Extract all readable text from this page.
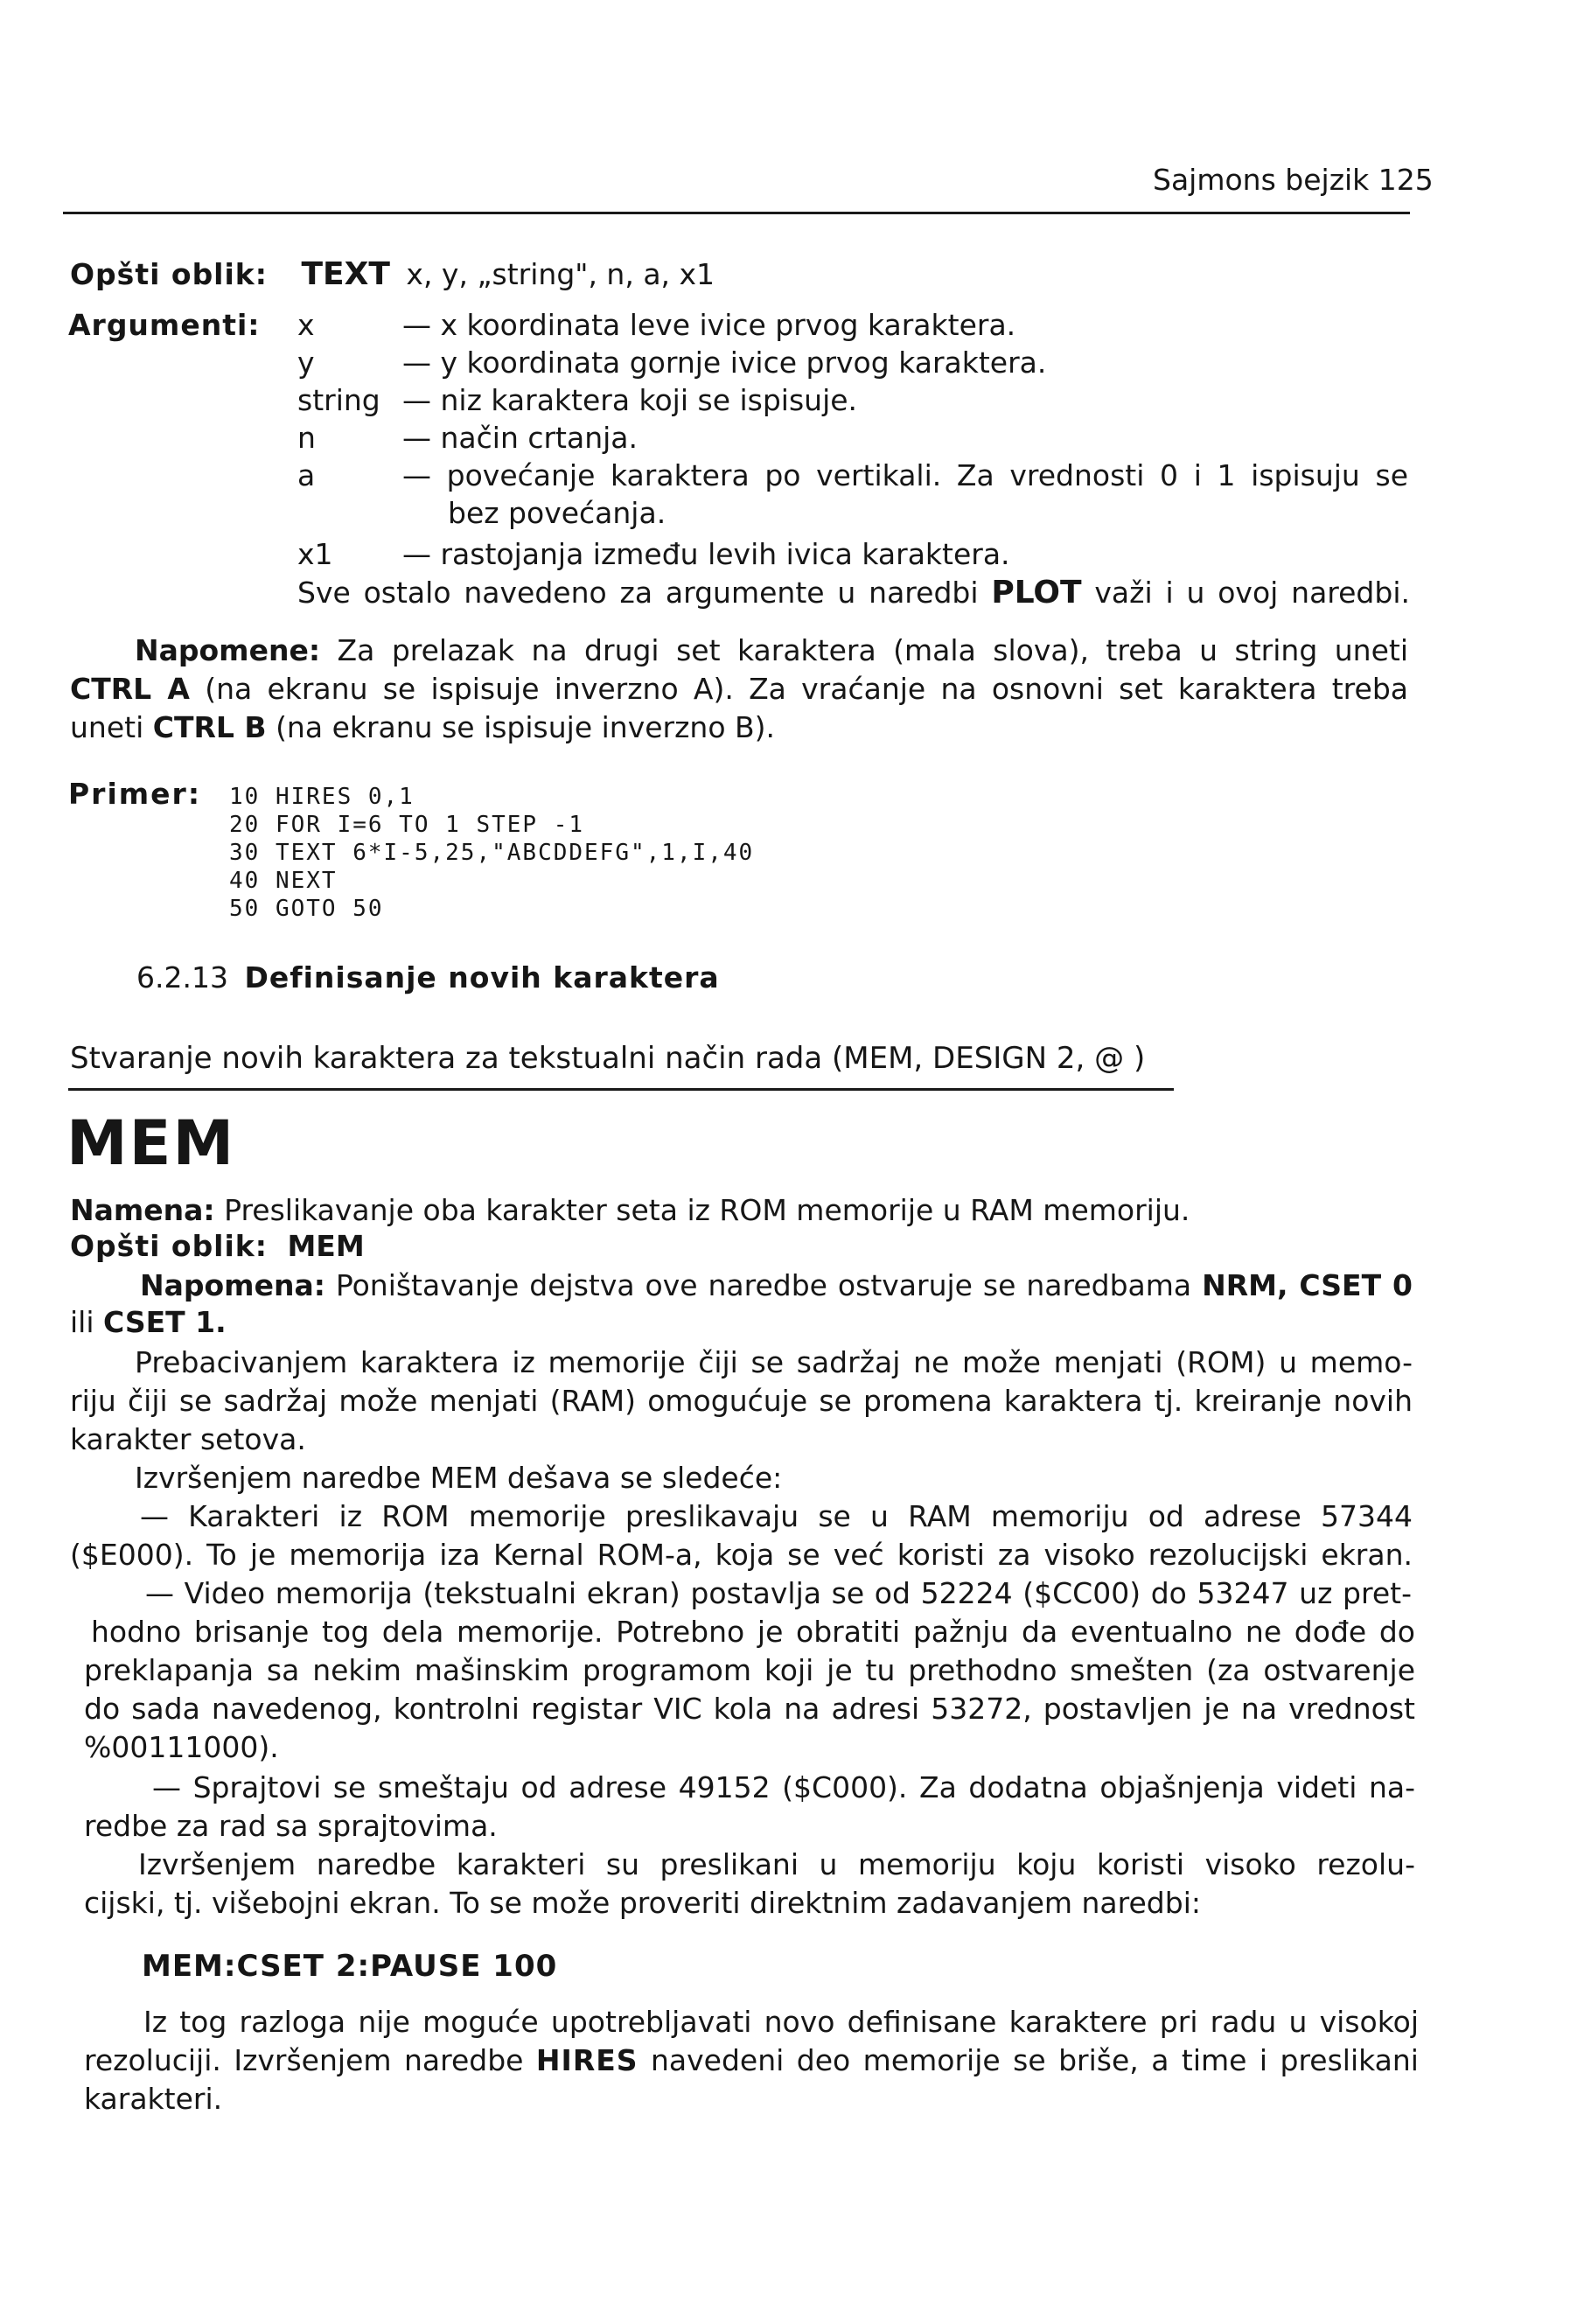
Sajmons bejzik 125
Opšti oblik: TEXT x, y, „string", n, a, x1
Argumenti: x	— x koordinata leve ivice prvog karaktera.
y	— y koordinata gornje ivice prvog karaktera.
string — niz karaktera koji se ispisuje.
n	— način crtanja.
a	— povećanje karaktera po vertikali. Za vrednosti 0 i 1 ispisuju se
bez povećanja.
x1 — rastojanja između levih ivica karaktera.
Sve ostalo navedeno za argumente u naredbi PLOT važi i u ovoj naredbi.
Napomene: Za prelazak na drugi set karaktera (mala slova), treba u string uneti
CTRL A (na ekranu se ispisuje inverzno A). Za vraćanje na osnovni set karaktera treba
uneti CTRL B (na ekranu se ispisuje inverzno B).
Primer: 10 HIRES 0,1
20 FOR I=6 TO 1 STEP -1
30 TEXT 6*I-5,25,"ABCDDEFG",1,I,40
40 NEXT
50 GOTO 50
6.2.13 Definisanje novih karaktera
Stvaranje novih karaktera za tekstualni način rada (MEM, DESIGN 2, @ )
MEM
Namena: Preslikavanje oba karakter seta iz ROM memorije u RAM memoriju.
Opšti oblik: MEM
Napomena: Poništavanje dejstva ove naredbe ostvaruje se naredbama NRM, CSET 0
ili CSET 1.
Prebacivanjem karaktera iz memorije čiji se sadržaj ne može menjati (ROM) u memo-
riju čiji se sadržaj može menjati (RAM) omogućuje se promena karaktera tj. kreiranje novih
karakter setova.
Izvršenjem naredbe MEM dešava se sledeće:
— Karakteri iz ROM memorije preslikavaju se u RAM memoriju od adrese 57344
($E000). To je memorija iza Kernal ROM-a, koja se već koristi za visoko rezolucijski ekran.
— Video memorija (tekstualni ekran) postavlja se od 52224 ($CC00) do 53247 uz pret-
hodno brisanje tog dela memorije. Potrebno je obratiti pažnju da eventualno ne dođe do
preklapanja sa nekim mašinskim programom koji je tu prethodno smešten (za ostvarenje
do sada navedenog, kontrolni registar VIC kola na adresi 53272, postavljen je na vrednost
%00111000).
— Sprajtovi se smeštaju od adrese 49152 ($C000). Za dodatna objašnjenja videti na-
redbe za rad sa sprajtovima.
Izvršenjem naredbe karakteri su preslikani u memoriju koju koristi visoko rezolu-
cijski, tj. višebojni ekran. To se može proveriti direktnim zadavanjem naredbi:
MEM:CSET 2:PAUSE 100
Iz tog razloga nije moguće upotrebljavati novo definisane karaktere pri radu u visokoj
rezoluciji. Izvršenjem naredbe HIRES navedeni deo memorije se briše, a time i preslikani
karakteri.
